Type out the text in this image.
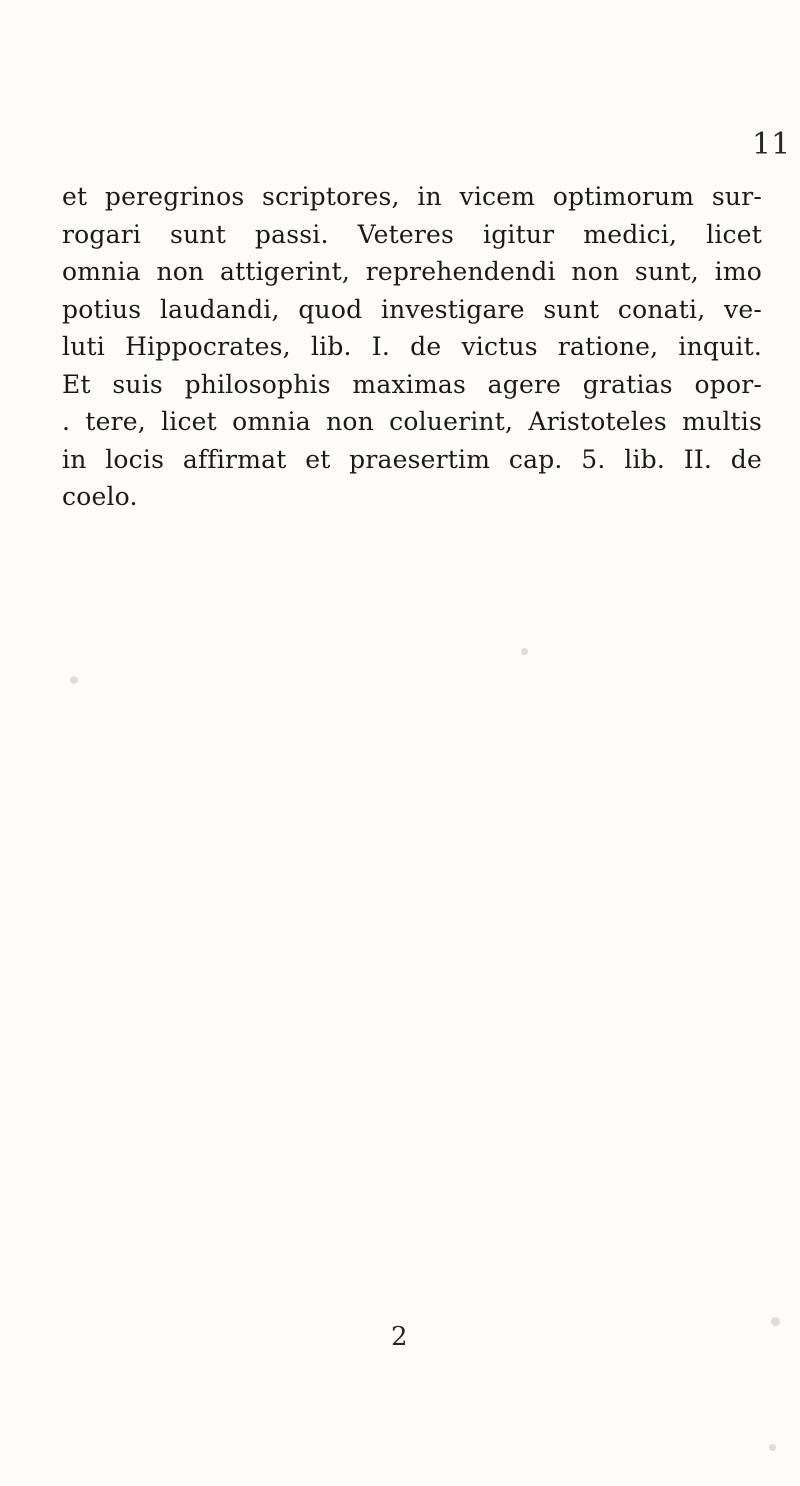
11
et peregrinos scriptores, in vicem optimorum sur-
rogari sunt passi. Veteres igitur medici, licet
omnia non attigerint, reprehendendi non sunt, imo
potius laudandi, quod investigare sunt conati, ve-
luti Hippocrates, lib. I. de victus ratione, inquit.
Et suis philosophis maximas agere gratias opor-
. tere, licet omnia non coluerint, Aristoteles multis
in locis affirmat et praesertim cap. 5. lib. II. de
coelo.
2
